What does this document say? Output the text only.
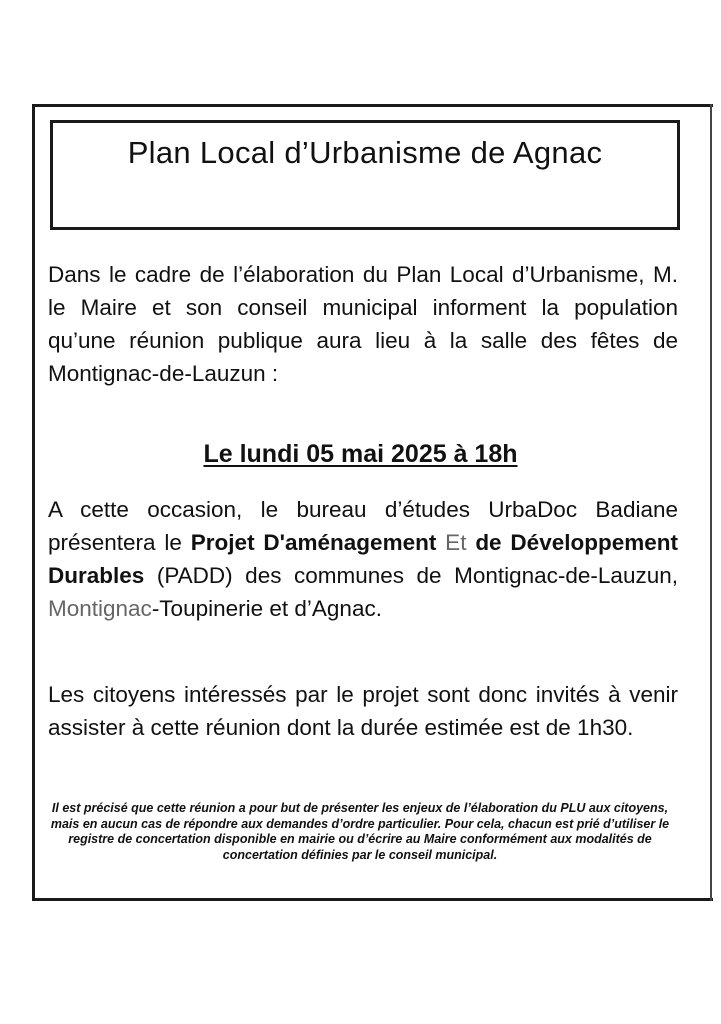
Plan Local d’Urbanisme de Agnac

Dans le cadre de l’élaboration du Plan Local d’Urbanisme, M. le Maire et son conseil municipal informent la population qu’une réunion publique aura lieu à la salle des fêtes de Montignac-de-Lauzun :

Le lundi 05 mai 2025 à 18h

A cette occasion, le bureau d’études UrbaDoc Badiane présentera le Projet D'aménagement Et de Développement Durables (PADD) des communes de Montignac-de-Lauzun, Montignac-Toupinerie et d’Agnac.

Les citoyens intéressés par le projet sont donc invités à venir assister à cette réunion dont la durée estimée est de 1h30.

Il est précisé que cette réunion a pour but de présenter les enjeux de l’élaboration du PLU aux citoyens, mais en aucun cas de répondre aux demandes d’ordre particulier. Pour cela, chacun est prié d’utiliser le registre de concertation disponible en mairie ou d’écrire au Maire conformément aux modalités de concertation définies par le conseil municipal.
